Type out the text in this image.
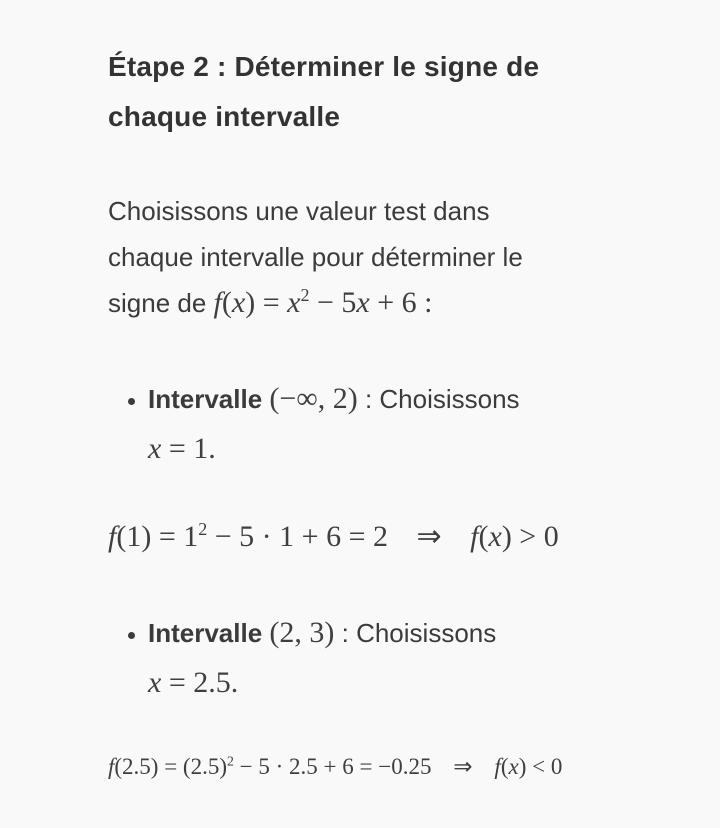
Étape 2 : Déterminer le signe de
chaque intervalle

Choisissons une valeur test dans
chaque intervalle pour déterminer le
signe de $f(x) = x^2 - 5x + 6$ :

• Intervalle (−∞, 2) : Choisissons
x = 1.
$f(1) = 1^2 - 5 \cdot 1 + 6 = 2$ ⇒ f(x) > 0
• Intervalle (2, 3) : Choisissons
x = 2.5.
$f(2.5) = (2.5)^2 - 5 \cdot 2.5 + 6 = -0.25$ ⇒ f(x) < 0
